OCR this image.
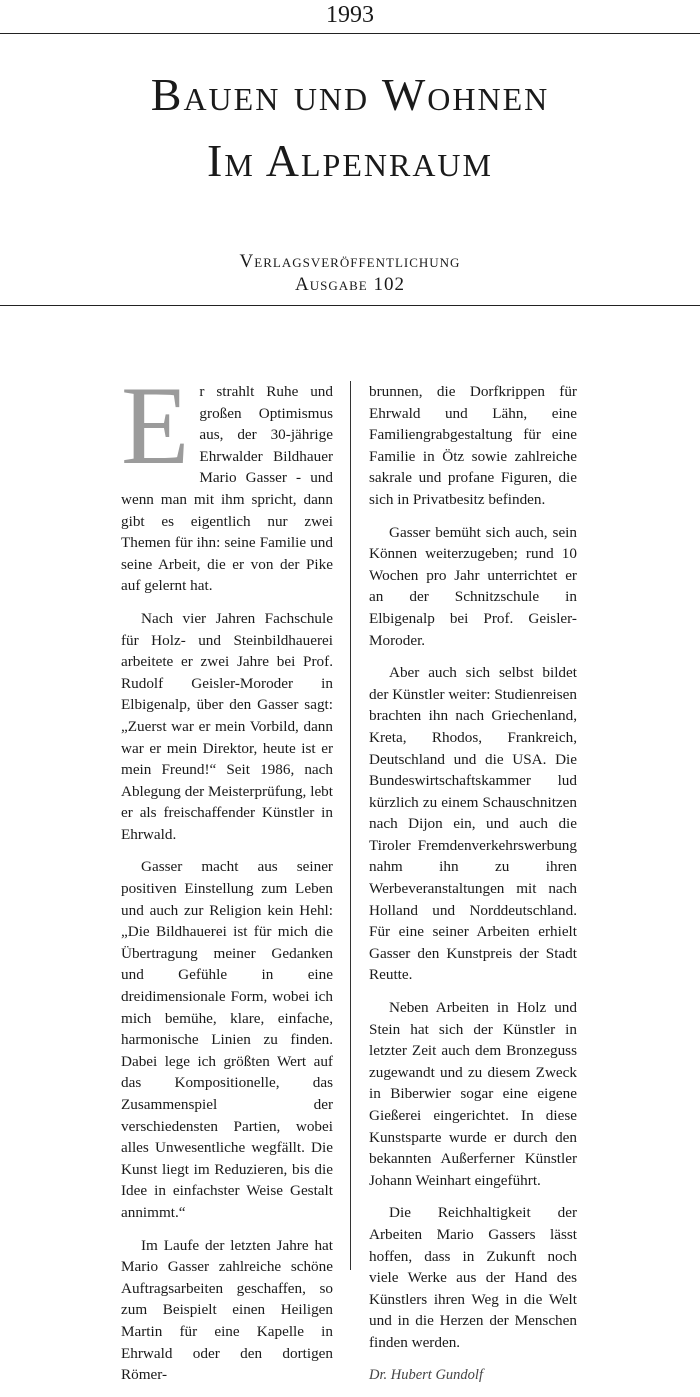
1993
Bauen und Wohnen
Im Alpenraum
Verlagsveröffentlichung
Ausgabe 102

Er strahlt Ruhe und großen Optimismus aus, der 30-jährige Ehrwalder Bildhauer Mario Gasser - und wenn man mit ihm spricht, dann gibt es eigentlich nur zwei Themen für ihn: seine Familie und seine Arbeit, die er von der Pike auf gelernt hat.

Nach vier Jahren Fachschule für Holz- und Steinbildhauerei arbeitete er zwei Jahre bei Prof. Rudolf Geisler-Moroder in Elbigenalp, über den Gasser sagt: „Zuerst war er mein Vorbild, dann war er mein Direktor, heute ist er mein Freund!“ Seit 1986, nach Ablegung der Meisterprüfung, lebt er als freischaffender Künstler in Ehrwald.

Gasser macht aus seiner positiven Einstellung zum Leben und auch zur Religion kein Hehl: „Die Bildhauerei ist für mich die Übertragung meiner Gedanken und Gefühle in eine dreidimensionale Form, wobei ich mich bemühe, klare, einfache, harmonische Linien zu finden. Dabei lege ich größten Wert auf das Kompositionelle, das Zusammenspiel der verschiedensten Partien, wobei alles Unwesentliche wegfällt. Die Kunst liegt im Reduzieren, bis die Idee in einfachster Weise Gestalt annimmt.“

Im Laufe der letzten Jahre hat Mario Gasser zahlreiche schöne Auftragsarbeiten geschaffen, so zum Beispielt einen Heiligen Martin für eine Kapelle in Ehrwald oder den dortigen Römer-

brunnen, die Dorfkrippen für Ehrwald und Lähn, eine Familiengrabgestaltung für eine Familie in Ötz sowie zahlreiche sakrale und profane Figuren, die sich in Privatbesitz befinden.

Gasser bemüht sich auch, sein Können weiterzugeben; rund 10 Wochen pro Jahr unterrichtet er an der Schnitzschule in Elbigenalp bei Prof. Geisler-Moroder.

Aber auch sich selbst bildet der Künstler weiter: Studienreisen brachten ihn nach Griechenland, Kreta, Rhodos, Frankreich, Deutschland und die USA. Die Bundeswirtschaftskammer lud kürzlich zu einem Schauschnitzen nach Dijon ein, und auch die Tiroler Fremdenverkehrswerbung nahm ihn zu ihren Werbeveranstaltungen mit nach Holland und Norddeutschland. Für eine seiner Arbeiten erhielt Gasser den Kunstpreis der Stadt Reutte.

Neben Arbeiten in Holz und Stein hat sich der Künstler in letzter Zeit auch dem Bronzeguss zugewandt und zu diesem Zweck in Biberwier sogar eine eigene Gießerei eingerichtet. In diese Kunstsparte wurde er durch den bekannten Außerferner Künstler Johann Weinhart eingeführt.

Die Reichhaltigkeit der Arbeiten Mario Gassers lässt hoffen, dass in Zukunft noch viele Werke aus der Hand des Künstlers ihren Weg in die Welt und in die Herzen der Menschen finden werden.

Dr. Hubert Gundolf
